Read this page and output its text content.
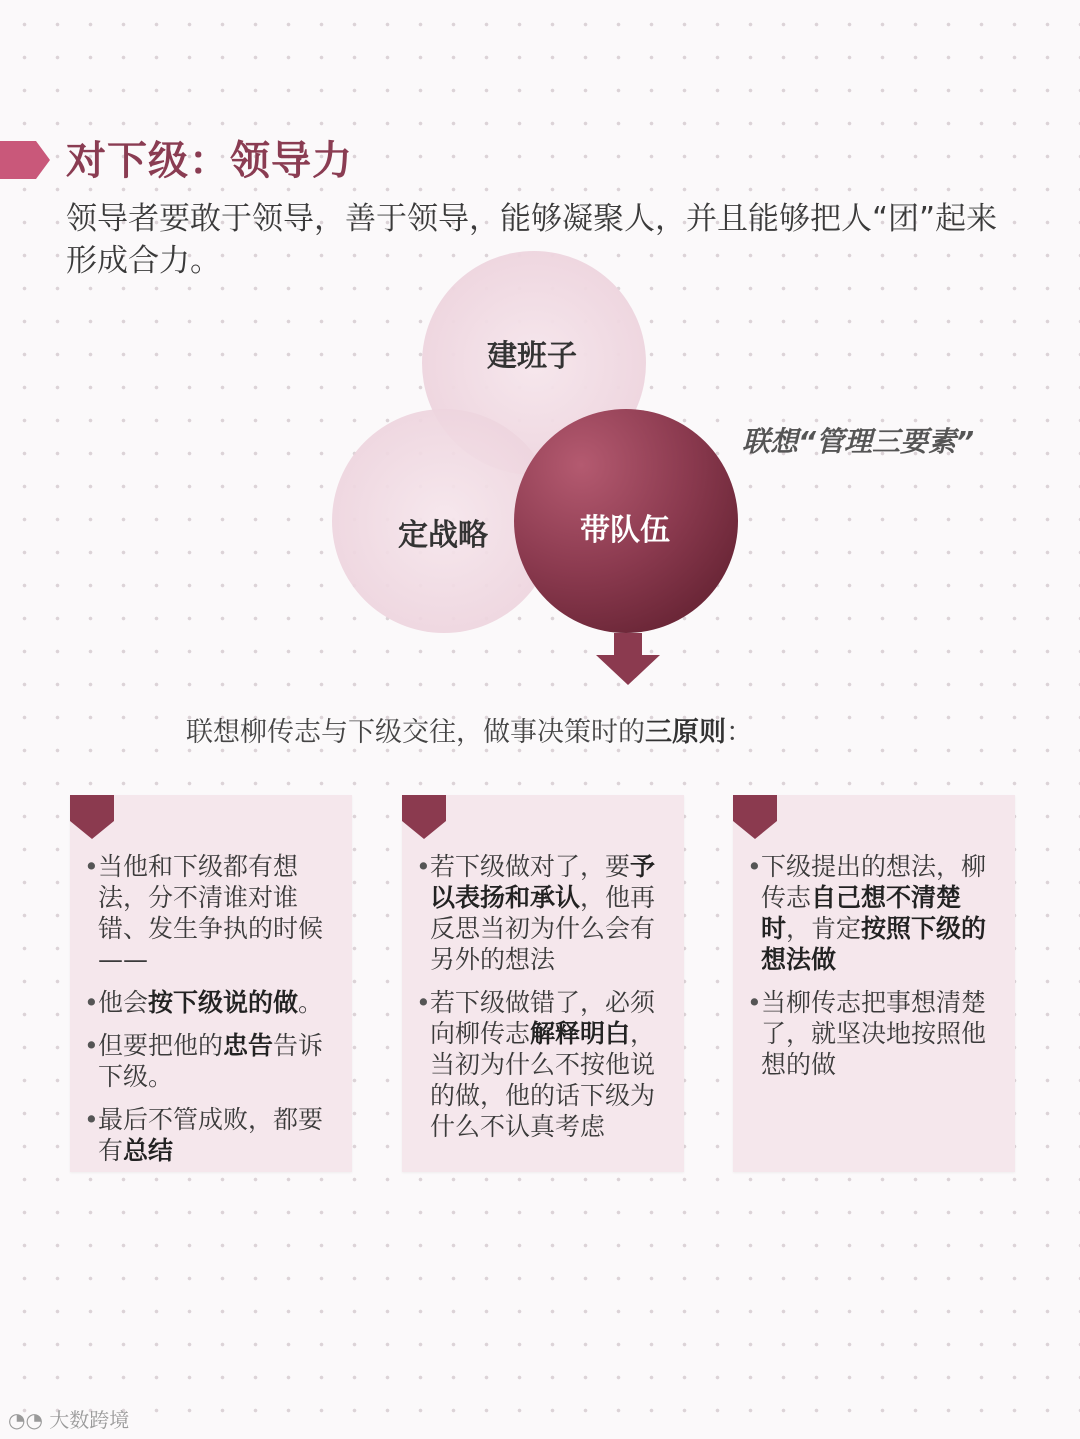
对下级：领导力

领导者要敢于领导，善于领导，能够凝聚人，并且能够把人“团”起来形成合力。

建班子
定战略	带队伍
联想“管理三要素”
联想柳传志与下级交往，做事决策时的三原则：
• 当他和下级都有想法，分不清谁对谁错、发生争执的时候——
• 他会按下级说的做。
• 但要把他的忠告告诉下级。
• 最后不管成败，都要有总结
• 若下级做对了，要予以表扬和承认，他再反思当初为什么会有另外的想法
• 若下级做错了，必须向柳传志解释明白，当初为什么不按他说的做，他的话下级为什么不认真考虑
• 下级提出的想法，柳传志自己想不清楚时，肯定按照下级的想法做
• 当柳传志把事想清楚了，就坚决地按照他想的做
◔◔ 大数跨境
